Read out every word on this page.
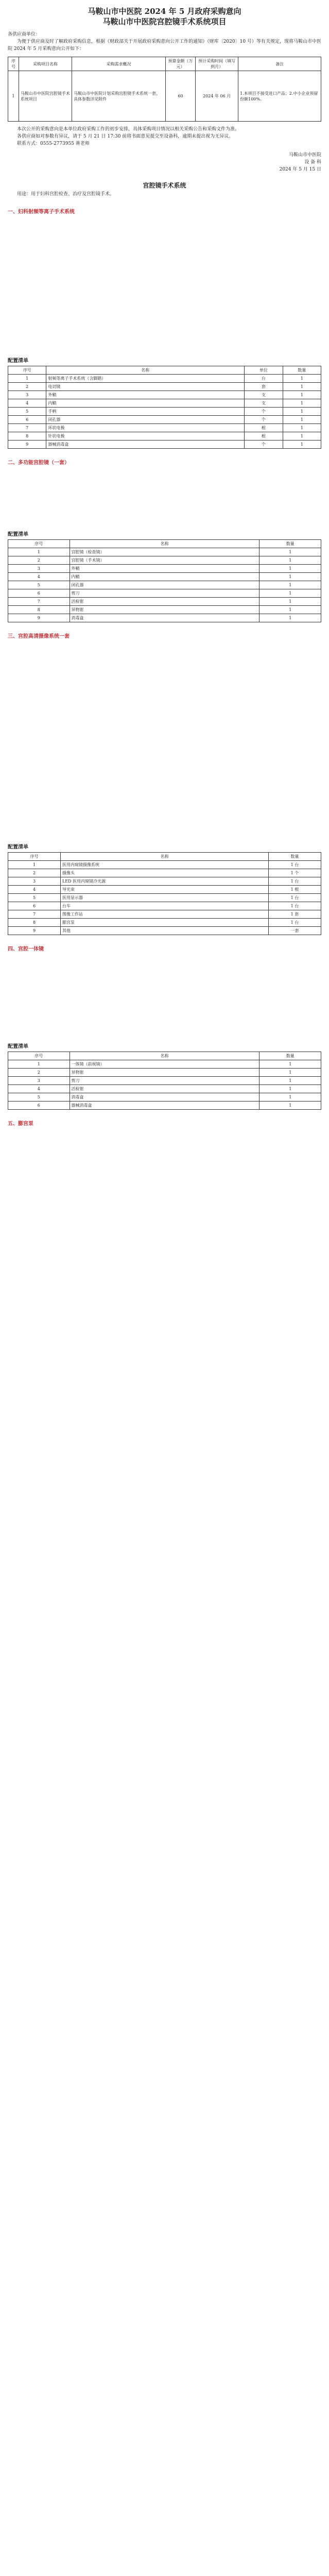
马鞍山市中医院 2024 年 5 月政府采购意向
马鞍山市中医院宫腔镜手术系统项目

各供应商单位：

为便于供应商及时了解政府采购信息，根据《财政部关于开展政府采购意向公开工作的通知》（财库〔2020〕10 号）等有关规定，现将马鞍山市中医院 2024 年 5 月采购意向公开如下：

序号	采购项目名称	采购需求概况	预算金额（万元）	预计采购时间（填写到月）	备注
1	马鞍山市中医院宫腔镜手术系统项目	马鞍山市中医院计划采购宫腔镜手术系统一套，具体参数详见附件	60	2024 年 06 月	1.本项目不接受进口产品；2.中小企业预留份额100%。

本次公开的采购意向是本单位政府采购工作的初步安排，具体采购项目情况以相关采购公告和采购文件为准。

各供应商如对参数有异议，请于 5 月 21 日 17:30 前将书面意见提交至设备科，逾期未提出视为无异议。

联系方式：0555-2773955 蒋老师

马鞍山市中医院

设 备 科

2024 年 5 月 15 日

宫腔镜手术系统

用途：用于妇科宫腔检查、治疗及宫腔镜手术。

一、妇科射频等离子手术系统

配置清单

序号	名称	单位	数量
1	射频等离子手术系统（含脚踏）	台	1
2	电切镜	套	1
3	外鞘	支	1
4	内鞘	支	1
5	手柄	个	1
6	闭孔器	个	1
7	环状电极	根	1
8	针状电极	根	1
9	器械消毒盒	个	1

二、多功能宫腔镜（一套）

配置清单

序号	名称	数量
1	宫腔镜（检查镜）	1
2	宫腔镜（手术镜）	1
3	外鞘	1
4	内鞘	1
5	闭孔器	1
6	剪刀	1
7	活检钳	1
8	异物钳	1
9	消毒盒	1

三、宫腔高清摄像系统一套

配置清单

序号	名称	数量
1	医用内窥镜摄像系统	1 台
2	摄像头	1 个
3	LED 医用内窥镜冷光源	1 台
4	导光束	1 根
5	医用显示器	1 台
6	台车	1 台
7	图像工作站	1 套
8	膨宫泵	1 台
9	其他	一套

四、宫腔一体镜

配置清单

序号	名称	数量
1	一体镜（前视镜）	1
2	异物钳	1
3	剪刀	1
4	活检钳	1
5	消毒盒	1
6	器械消毒盒	1

五、膨宫泵
